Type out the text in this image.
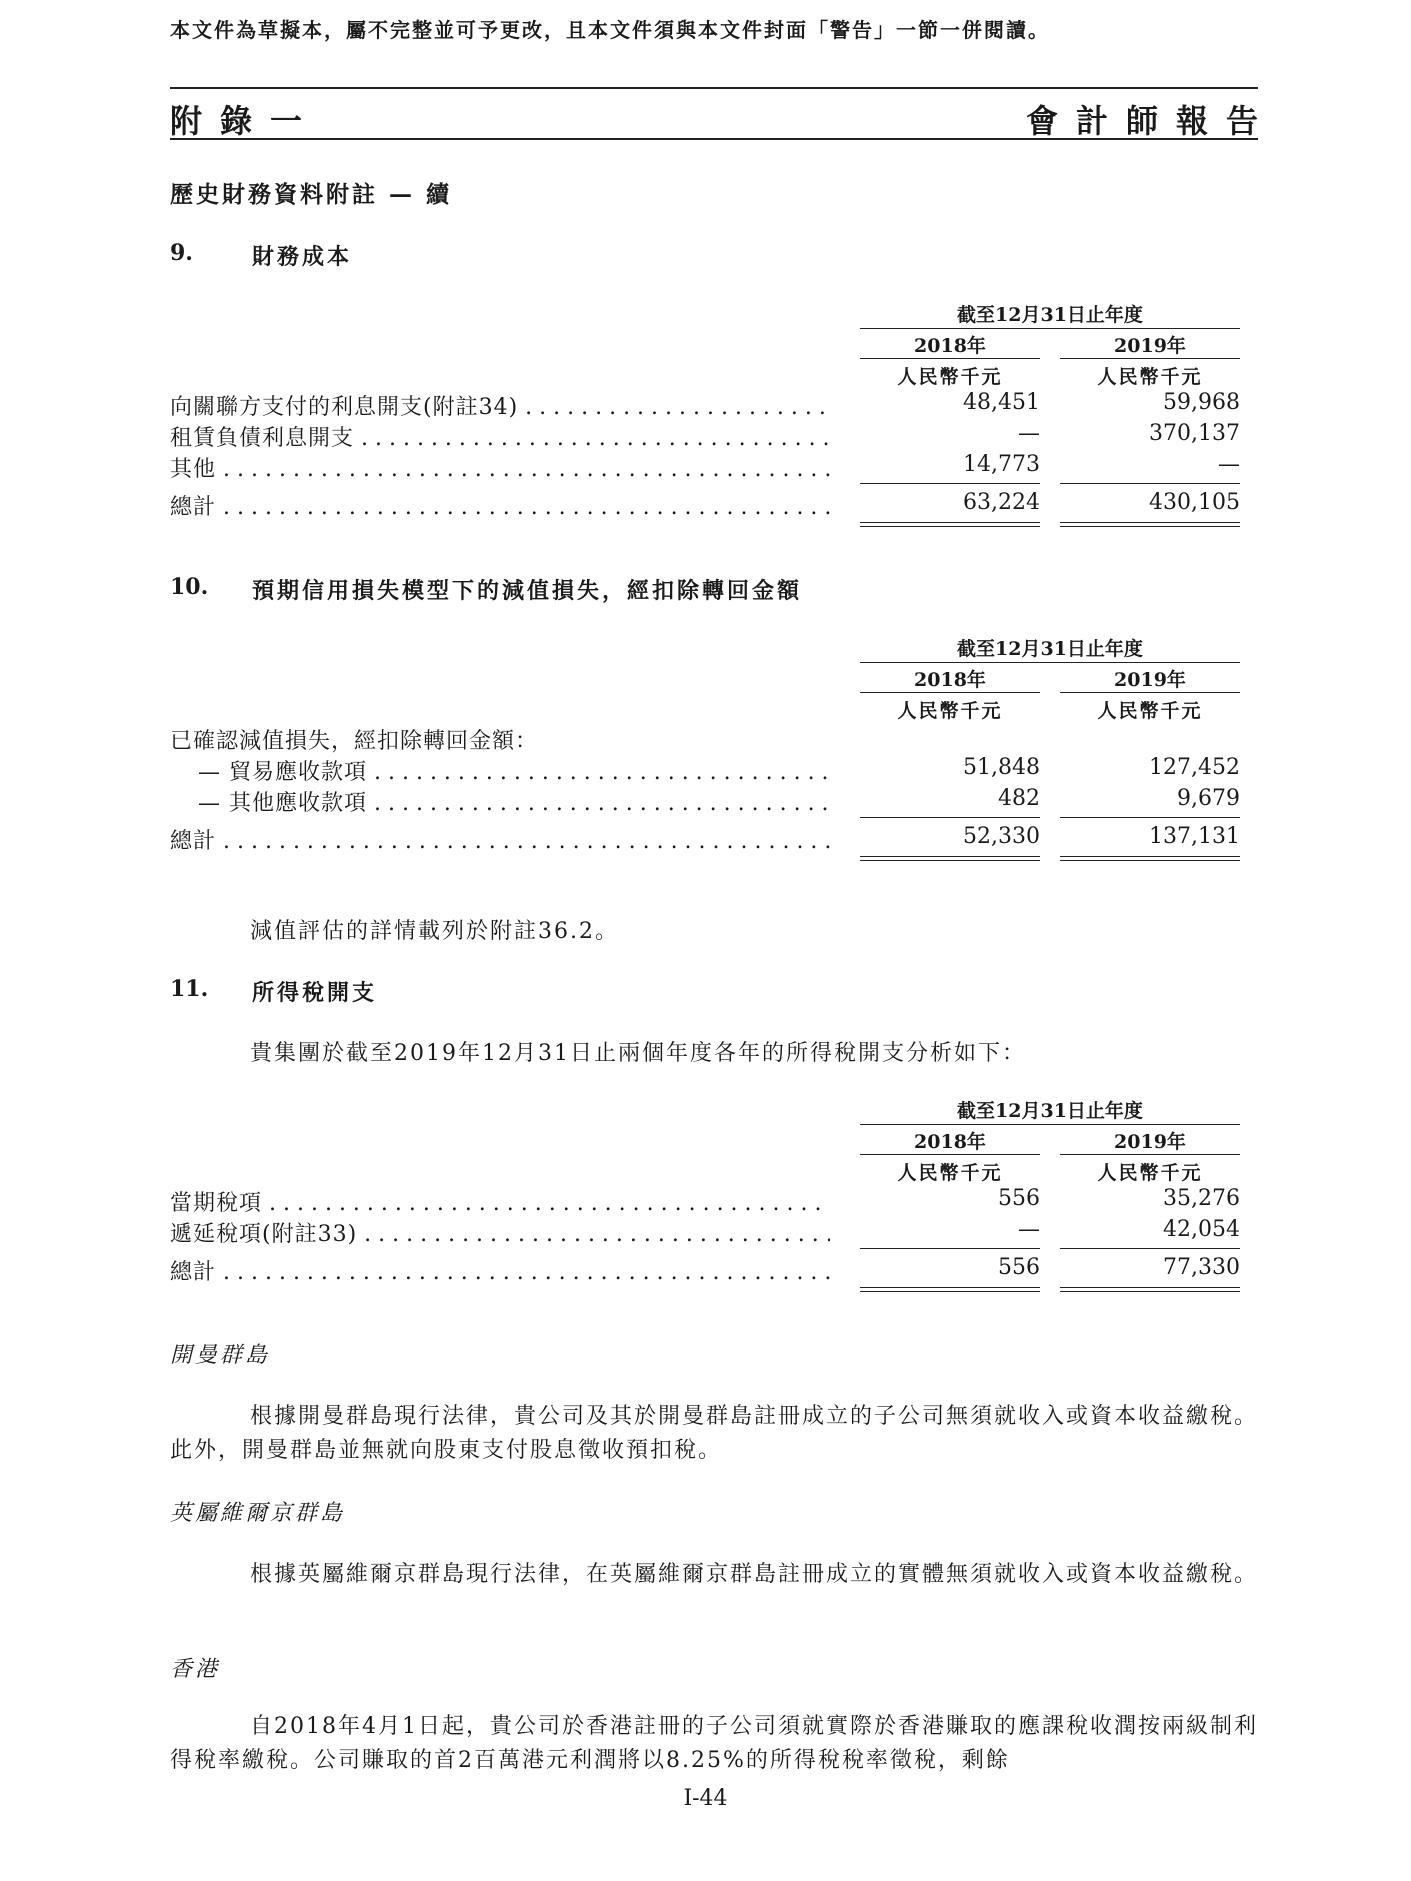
本文件為草擬本，屬不完整並可予更改，且本文件須與本文件封面「警告」一節一併閱讀。
附錄一	會計師報告
歷史財務資料附註 — 續
9.	財務成本
截至12月31日止年度
2018年	2019年
人民幣千元	人民幣千元
向關聯方支付的利息開支(附註34) . . .	48,451	59,968
租賃負債利息開支 . . .	—	370,137
其他 . . .	14,773	—
總計 . . .	63,224	430,105
10. 預期信用損失模型下的減值損失，經扣除轉回金額
截至12月31日止年度
2018年	2019年
人民幣千元	人民幣千元
已確認減值損失，經扣除轉回金額：
— 貿易應收款項 . . .	51,848	127,452
— 其他應收款項 . . .	482	9,679
總計 . . .	52,330	137,131
減值評估的詳情載列於附註36.2。
11. 所得稅開支
貴集團於截至2019年12月31日止兩個年度各年的所得稅開支分析如下：
截至12月31日止年度
2018年	2019年
人民幣千元	人民幣千元
當期稅項 . . .	556	35,276
遞延稅項(附註33) . . .	—	42,054
總計 . . .	556	77,330
開曼群島
根據開曼群島現行法律，貴公司及其於開曼群島註冊成立的子公司無須就收入或資本收益繳稅。此外，開曼群島並無就向股東支付股息徵收預扣稅。
英屬維爾京群島
根據英屬維爾京群島現行法律，在英屬維爾京群島註冊成立的實體無須就收入或資本收益繳稅。
香港
自2018年4月1日起，貴公司於香港註冊的子公司須就實際於香港賺取的應課稅收潤按兩級制利得稅率繳稅。公司賺取的首2百萬港元利潤將以8.25%的所得稅稅率徵稅，剩餘
I-44
